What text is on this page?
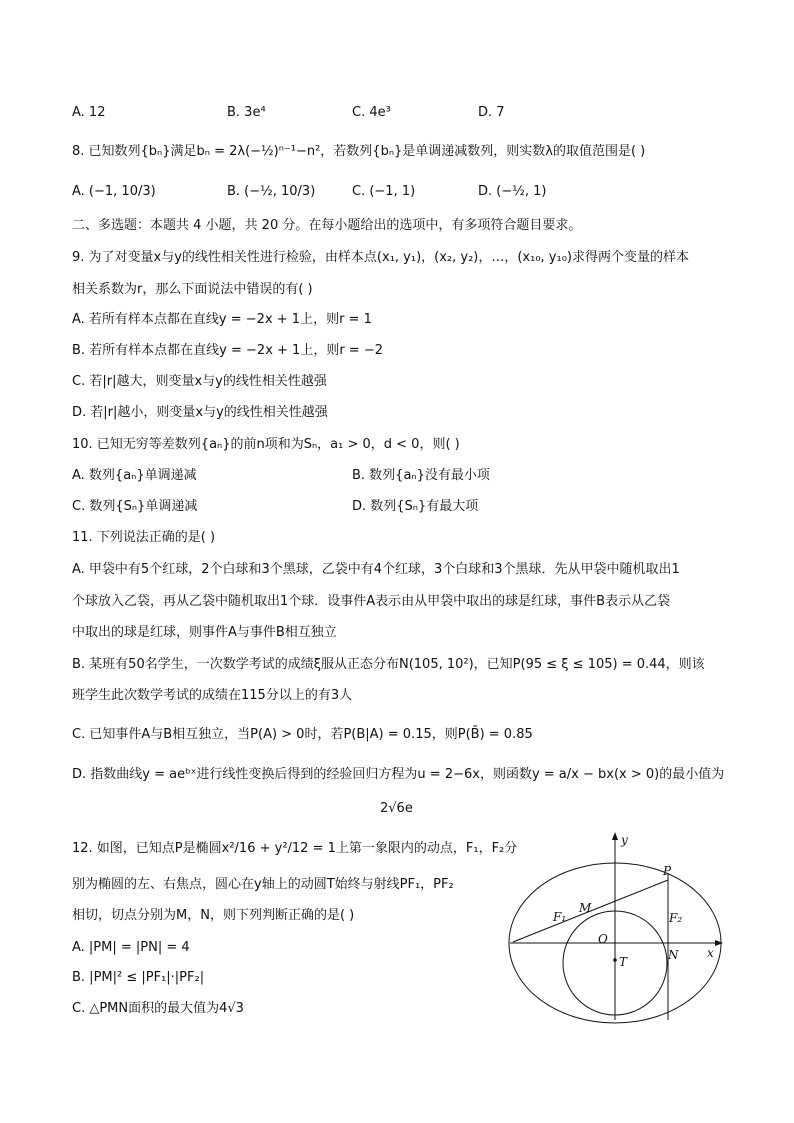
A. 12	B. 3e⁴	C. 4e³	D. 7
8. 已知数列{bₙ}满足bₙ = 2λ(−½)ⁿ⁻¹−n²，若数列{bₙ}是单调递减数列，则实数λ的取值范围是( )
A. (−1, 10/3)	B. (−½, 10/3)	C. (−1, 1)	D. (−½, 1)
二、多选题：本题共 4 小题，共 20 分。在每小题给出的选项中，有多项符合题目要求。
9. 为了对变量x与y的线性相关性进行检验，由样本点(x₁, y₁)，(x₂, y₂)，…，(x₁₀, y₁₀)求得两个变量的样本
相关系数为r，那么下面说法中错误的有( )
A. 若所有样本点都在直线y = −2x + 1上，则r = 1
B. 若所有样本点都在直线y = −2x + 1上，则r = −2
C. 若|r|越大，则变量x与y的线性相关性越强
D. 若|r|越小，则变量x与y的线性相关性越强
10. 已知无穷等差数列{aₙ}的前n项和为Sₙ，a₁ > 0，d < 0，则( )
A. 数列{aₙ}单调递减	B. 数列{aₙ}没有最小项
C. 数列{Sₙ}单调递减	D. 数列{Sₙ}有最大项
11. 下列说法正确的是( )
A. 甲袋中有5个红球，2个白球和3个黑球，乙袋中有4个红球，3个白球和3个黑球．先从甲袋中随机取出1
个球放入乙袋，再从乙袋中随机取出1个球．设事件A表示由从甲袋中取出的球是红球，事件B表示从乙袋
中取出的球是红球，则事件A与事件B相互独立
B. 某班有50名学生，一次数学考试的成绩ξ服从正态分布N(105, 10²)，已知P(95 ≤ ξ ≤ 105) = 0.44，则该
班学生此次数学考试的成绩在115分以上的有3人
C. 已知事件A与B相互独立，当P(A) > 0时，若P(B|A) = 0.15，则P(B̄) = 0.85
D. 指数曲线y = aeᵇˣ进行线性变换后得到的经验回归方程为u = 2−6x，则函数y = a/x − bx(x > 0)的最小值为
2√6e
12. 如图，已知点P是椭圆x²/16 + y²/12 = 1上第一象限内的动点，F₁，F₂分
别为椭圆的左、右焦点，圆心在y轴上的动圆T始终与射线PF₁，PF₂
相切，切点分别为M，N，则下列判断正确的是( )
A. |PM| = |PN| = 4
B. |PM|² ≤ |PF₁|·|PF₂|
C. △PMN面积的最大值为4√3
y
x
P
M
F₁	F₂
O
T	N
